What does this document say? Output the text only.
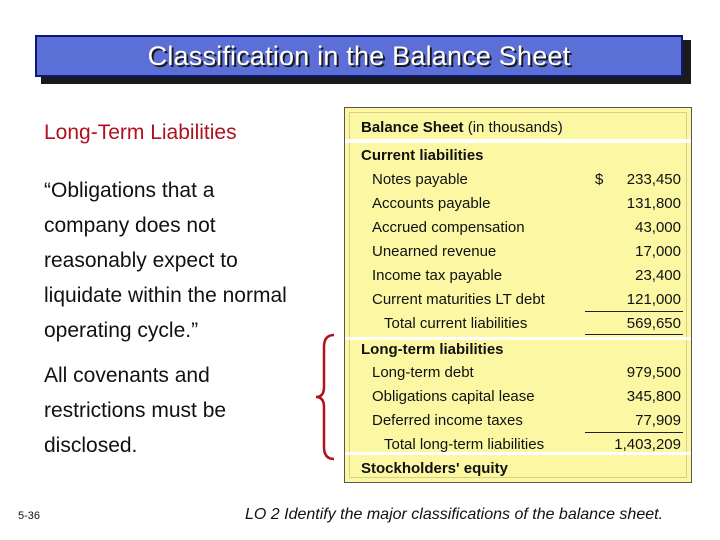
Classification in the Balance Sheet
Long-Term Liabilities
“Obligations that a
company does not
reasonably expect to
liquidate within the normal
operating cycle.”
All covenants and
restrictions must be
disclosed.
Balance Sheet (in thousands)
Current liabilities
Notes payable	$ 233,450
Accounts payable	131,800
Accrued compensation	43,000
Unearned revenue	17,000
Income tax payable	23,400
Current maturities LT debt	121,000
Total current liabilities	569,650
Long-term liabilities
Long-term debt	979,500
Obligations capital lease	345,800
Deferred income taxes	77,909
Total long-term liabilities	1,403,209
Stockholders' equity
5-36	LO 2 Identify the major classifications of the balance sheet.
